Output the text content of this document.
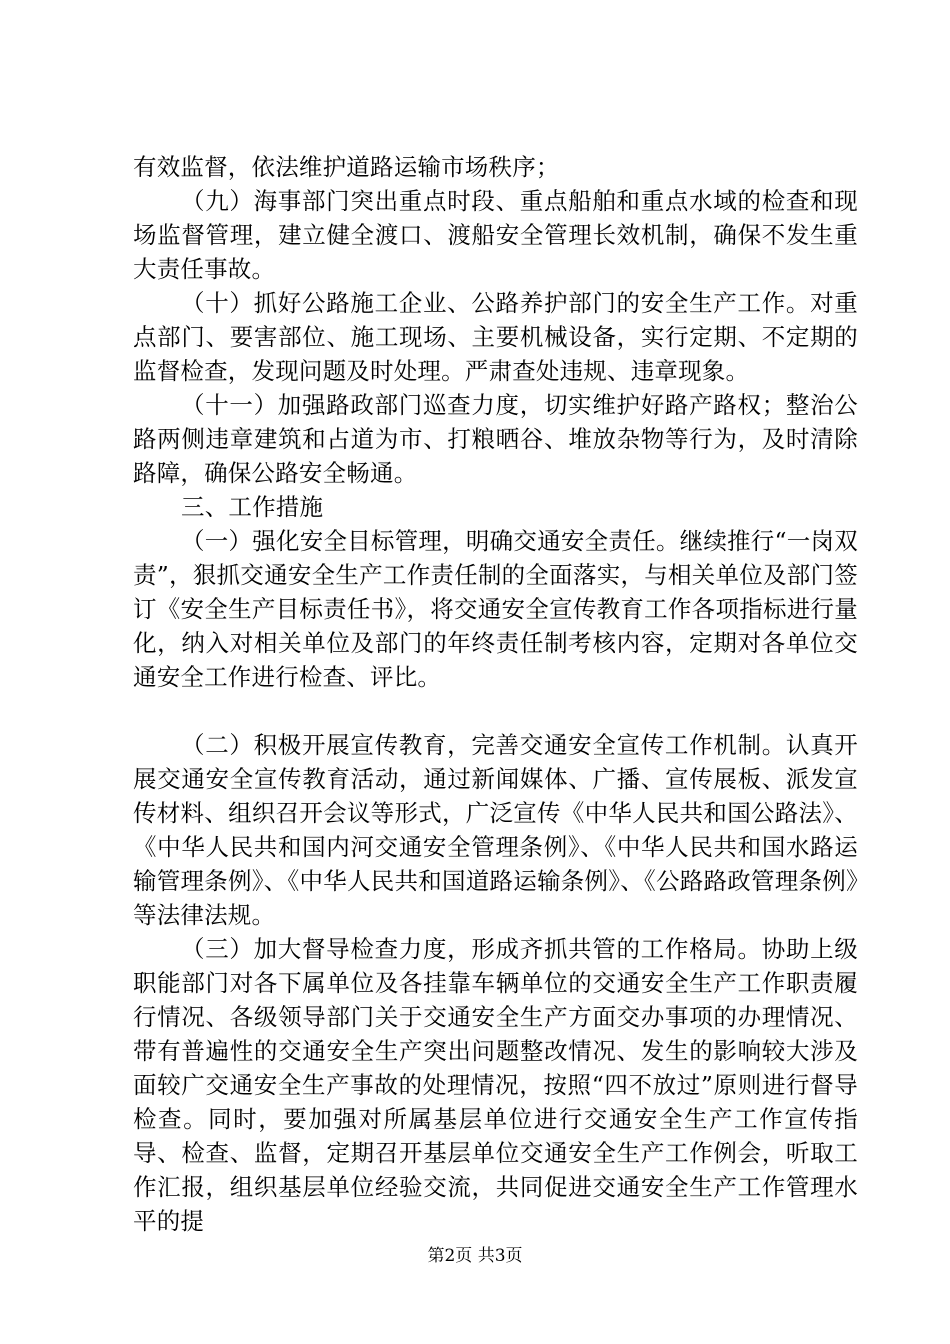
有效监督，依法维护道路运输市场秩序；

（九）海事部门突出重点时段、重点船舶和重点水域的检查和现场监督管理，建立健全渡口、渡船安全管理长效机制，确保不发生重大责任事故。

（十）抓好公路施工企业、公路养护部门的安全生产工作。对重点部门、要害部位、施工现场、主要机械设备，实行定期、不定期的监督检查，发现问题及时处理。严肃查处违规、违章现象。

（十一）加强路政部门巡查力度，切实维护好路产路权；整治公路两侧违章建筑和占道为市、打粮晒谷、堆放杂物等行为，及时清除路障，确保公路安全畅通。

三、工作措施

（一）强化安全目标管理，明确交通安全责任。继续推行“一岗双责”，狠抓交通安全生产工作责任制的全面落实，与相关单位及部门签订《安全生产目标责任书》，将交通安全宣传教育工作各项指标进行量化，纳入对相关单位及部门的年终责任制考核内容，定期对各单位交通安全工作进行检查、评比。

（二）积极开展宣传教育，完善交通安全宣传工作机制。认真开展交通安全宣传教育活动，通过新闻媒体、广播、宣传展板、派发宣传材料、组织召开会议等形式，广泛宣传《中华人民共和国公路法》、《中华人民共和国内河交通安全管理条例》、《中华人民共和国水路运输管理条例》、《中华人民共和国道路运输条例》、《公路路政管理条例》等法律法规。

（三）加大督导检查力度，形成齐抓共管的工作格局。协助上级职能部门对各下属单位及各挂靠车辆单位的交通安全生产工作职责履行情况、各级领导部门关于交通安全生产方面交办事项的办理情况、带有普遍性的交通安全生产突出问题整改情况、发生的影响较大涉及面较广交通安全生产事故的处理情况，按照“四不放过”原则进行督导检查。同时，要加强对所属基层单位进行交通安全生产工作宣传指导、检查、监督，定期召开基层单位交通安全生产工作例会，听取工作汇报，组织基层单位经验交流，共同促进交通安全生产工作管理水平的提

第2页 共3页
